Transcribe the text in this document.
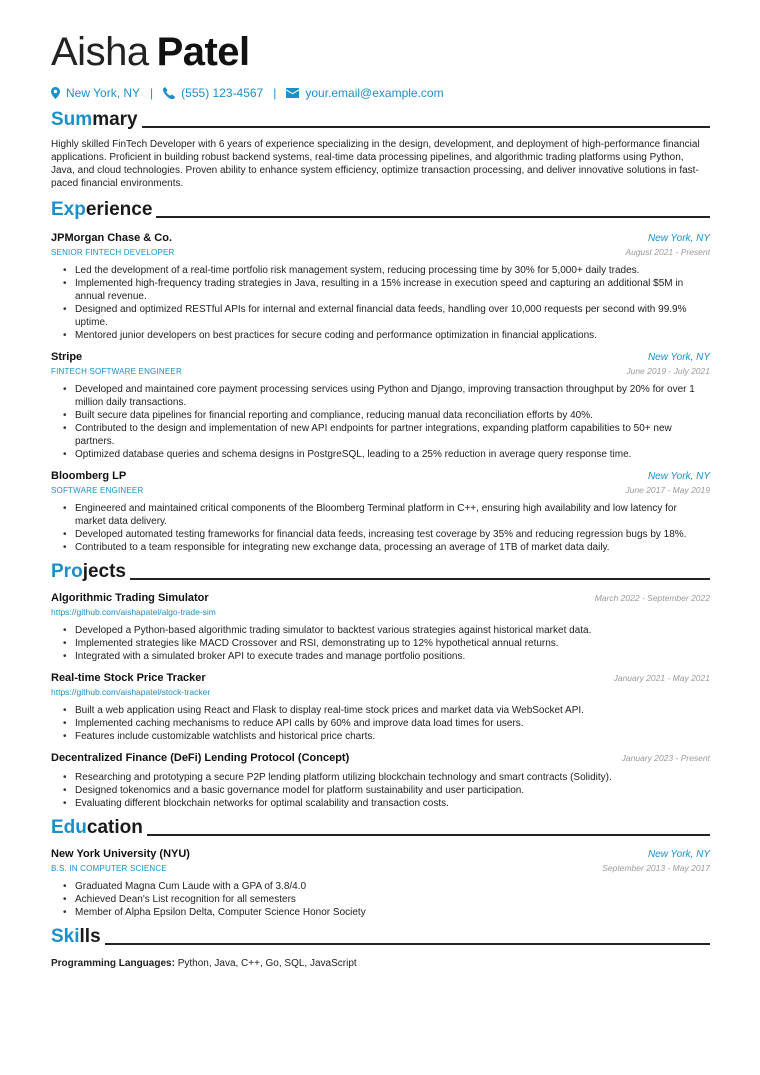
Aisha Patel
New York, NY | (555) 123-4567 | your.email@example.com
Summary

Highly skilled FinTech Developer with 6 years of experience specializing in the design, development, and deployment of high-performance financial applications. Proficient in building robust backend systems, real-time data processing pipelines, and algorithmic trading platforms using Python, Java, and cloud technologies. Proven ability to enhance system efficiency, optimize transaction processing, and deliver innovative solutions in fast-paced financial environments.

Experience
JPMorgan Chase & Co.	New York, NY
SENIOR FINTECH DEVELOPER	August 2021 - Present
• Led the development of a real-time portfolio risk management system, reducing processing time by 30% for 5,000+ daily trades.
• Implemented high-frequency trading strategies in Java, resulting in a 15% increase in execution speed and capturing an additional $5M in annual revenue.
• Designed and optimized RESTful APIs for internal and external financial data feeds, handling over 10,000 requests per second with 99.9% uptime.
• Mentored junior developers on best practices for secure coding and performance optimization in financial applications.
Stripe	New York, NY
FINTECH SOFTWARE ENGINEER	June 2019 - July 2021
• Developed and maintained core payment processing services using Python and Django, improving transaction throughput by 20% for over 1 million daily transactions.
• Built secure data pipelines for financial reporting and compliance, reducing manual data reconciliation efforts by 40%.
• Contributed to the design and implementation of new API endpoints for partner integrations, expanding platform capabilities to 50+ new partners.
• Optimized database queries and schema designs in PostgreSQL, leading to a 25% reduction in average query response time.
Bloomberg LP	New York, NY
SOFTWARE ENGINEER	June 2017 - May 2019
• Engineered and maintained critical components of the Bloomberg Terminal platform in C++, ensuring high availability and low latency for market data delivery.
• Developed automated testing frameworks for financial data feeds, increasing test coverage by 35% and reducing regression bugs by 18%.
• Contributed to a team responsible for integrating new exchange data, processing an average of 1TB of market data daily.
Projects
Algorithmic Trading Simulator	March 2022 - September 2022
https://github.com/aishapatel/algo-trade-sim
• Developed a Python-based algorithmic trading simulator to backtest various strategies against historical market data.
• Implemented strategies like MACD Crossover and RSI, demonstrating up to 12% hypothetical annual returns.
• Integrated with a simulated broker API to execute trades and manage portfolio positions.
Real-time Stock Price Tracker	January 2021 - May 2021
https://github.com/aishapatel/stock-tracker
• Built a web application using React and Flask to display real-time stock prices and market data via WebSocket API.
• Implemented caching mechanisms to reduce API calls by 60% and improve data load times for users.
• Features include customizable watchlists and historical price charts.
Decentralized Finance (DeFi) Lending Protocol (Concept)	January 2023 - Present
• Researching and prototyping a secure P2P lending platform utilizing blockchain technology and smart contracts (Solidity).
• Designed tokenomics and a basic governance model for platform sustainability and user participation.
• Evaluating different blockchain networks for optimal scalability and transaction costs.
Education
New York University (NYU)	New York, NY
B.S. IN COMPUTER SCIENCE	September 2013 - May 2017
• Graduated Magna Cum Laude with a GPA of 3.8/4.0
• Achieved Dean's List recognition for all semesters
• Member of Alpha Epsilon Delta, Computer Science Honor Society
Skills

Programming Languages: Python, Java, C++, Go, SQL, JavaScript
